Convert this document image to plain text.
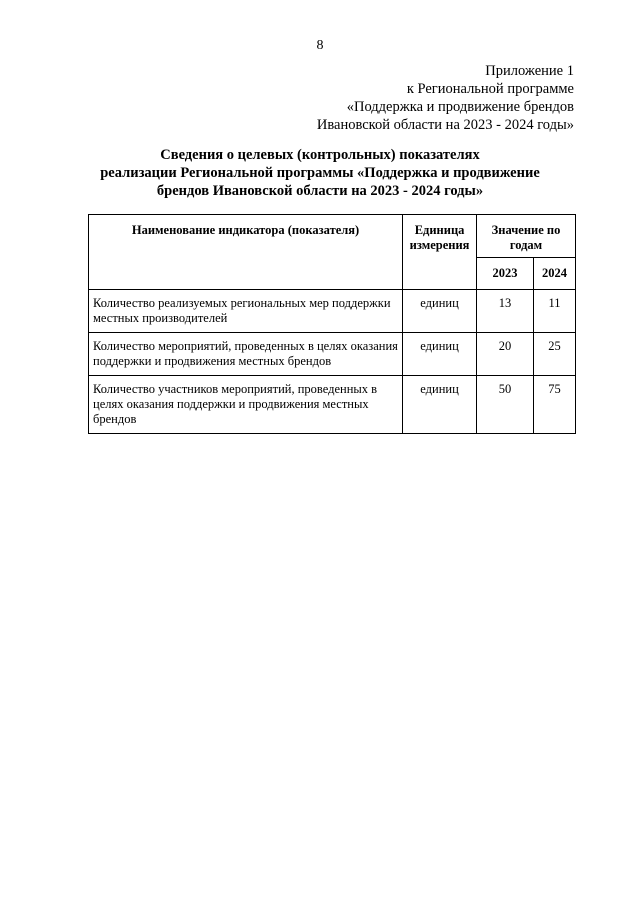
8
Приложение 1
к Региональной программе
«Поддержка и продвижение брендов
Ивановской области на 2023 - 2024 годы»
Сведения о целевых (контрольных) показателях
реализации Региональной программы «Поддержка и продвижение
брендов Ивановской области на 2023 - 2024 годы»
Наименование индикатора (показателя)	Единица измерения	Значение по годам	
		2023	2024
Количество реализуемых региональных мер поддержки местных производителей	единиц	13	11
Количество мероприятий, проведенных в целях оказания поддержки и продвижения местных брендов	единиц	20	25
Количество участников мероприятий, проведенных в целях оказания поддержки и продвижения местных брендов	единиц	50	75
